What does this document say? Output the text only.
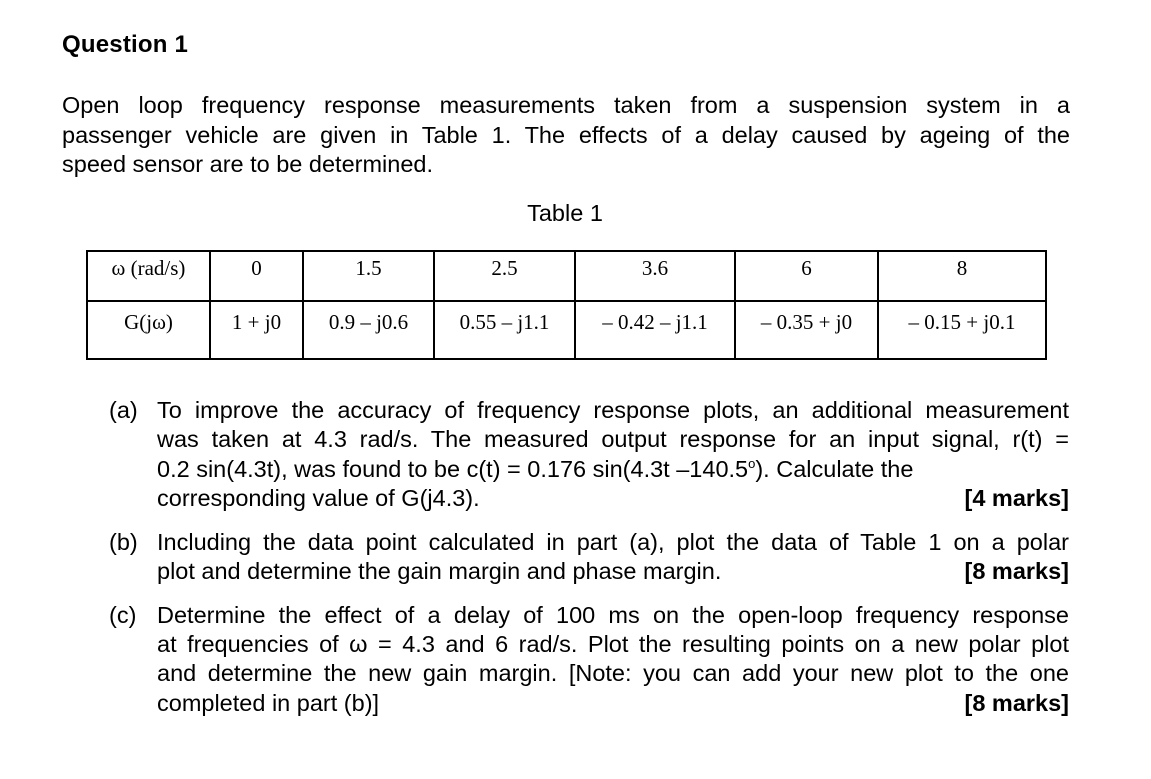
Question 1
Open loop frequency response measurements taken from a suspension system in a
passenger vehicle are given in Table 1. The effects of a delay caused by ageing of the
speed sensor are to be determined.
Table 1
ω (rad/s)	0	1.5	2.5	3.6	6	8
G(jω)	1 + j0	0.9 – j0.6	0.55 – j1.1	– 0.42 – j1.1	– 0.35 + j0	– 0.15 + j0.1
(a) To improve the accuracy of frequency response plots, an additional measurement
was taken at 4.3 rad/s. The measured output response for an input signal, r(t) =
0.2 sin(4.3t), was found to be c(t) = 0.176 sin(4.3t –140.5$^o$). Calculate the
corresponding value of G(j4.3).	[4 marks]
(b) Including the data point calculated in part (a), plot the data of Table 1 on a polar
plot and determine the gain margin and phase margin.	[8 marks]
(c) Determine the effect of a delay of 100 ms on the open-loop frequency response
at frequencies of ω = 4.3 and 6 rad/s. Plot the resulting points on a new polar plot
and determine the new gain margin. [Note: you can add your new plot to the one
completed in part (b)]	[8 marks]
